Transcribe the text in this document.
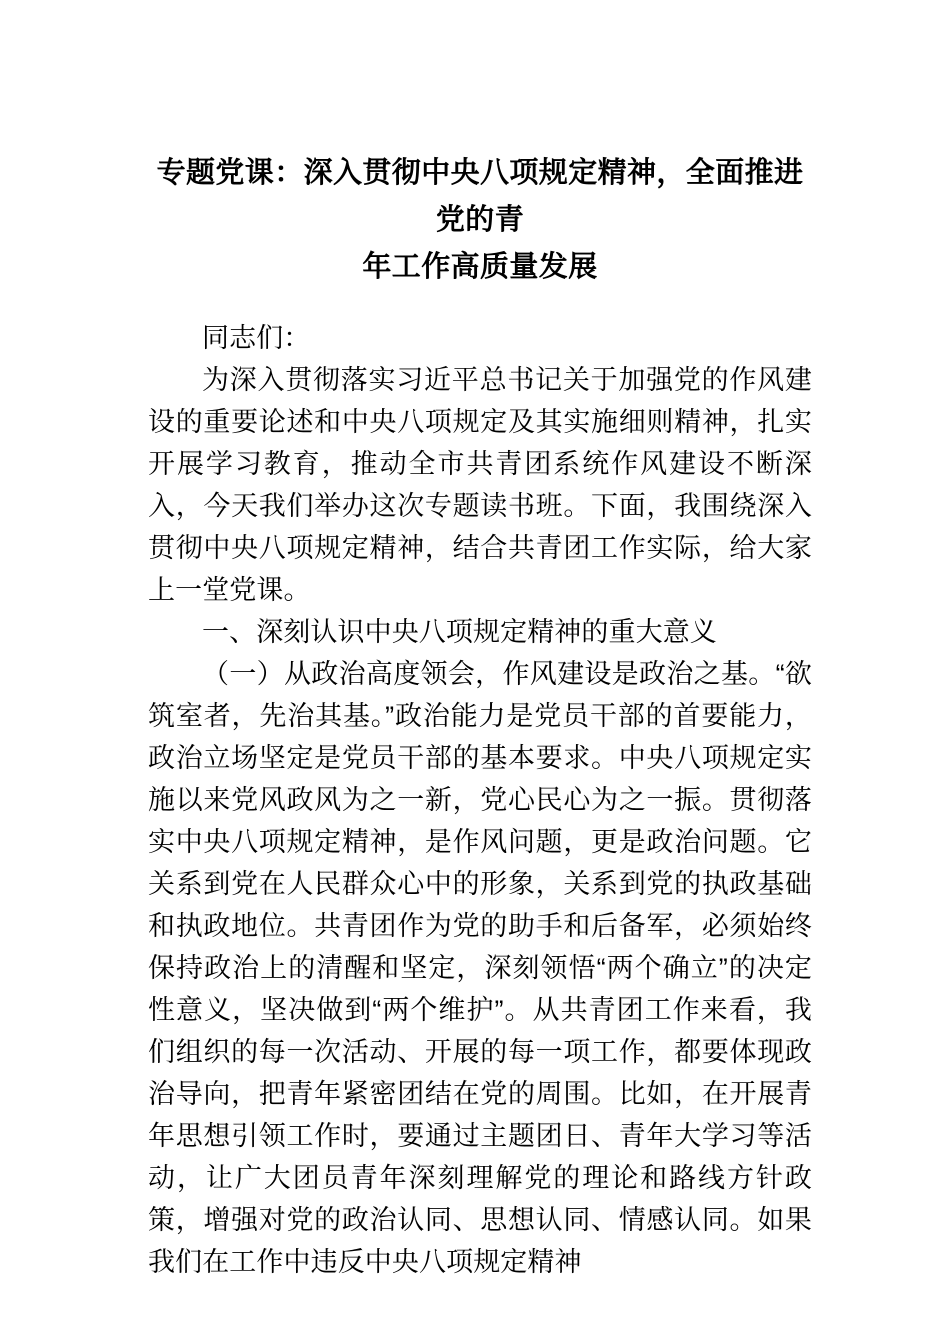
专题党课：深入贯彻中央八项规定精神，全面推进党的青
年工作高质量发展

同志们：

为深入贯彻落实习近平总书记关于加强党的作风建设的重要论述和中央八项规定及其实施细则精神，扎实开展学习教育，推动全市共青团系统作风建设不断深入，今天我们举办这次专题读书班。下面，我围绕深入贯彻中央八项规定精神，结合共青团工作实际，给大家上一堂党课。

一、深刻认识中央八项规定精神的重大意义

（一）从政治高度领会，作风建设是政治之基。“欲筑室者，先治其基。”政治能力是党员干部的首要能力，政治立场坚定是党员干部的基本要求。中央八项规定实施以来党风政风为之一新，党心民心为之一振。贯彻落实中央八项规定精神，是作风问题，更是政治问题。它关系到党在人民群众心中的形象，关系到党的执政基础和执政地位。共青团作为党的助手和后备军，必须始终保持政治上的清醒和坚定，深刻领悟“两个确立”的决定性意义，坚决做到“两个维护”。从共青团工作来看，我们组织的每一次活动、开展的每一项工作，都要体现政治导向，把青年紧密团结在党的周围。比如，在开展青年思想引领工作时，要通过主题团日、青年大学习等活动，让广大团员青年深刻理解党的理论和路线方针政策，增强对党的政治认同、思想认同、情感认同。如果我们在工作中违反中央八项规定精神
